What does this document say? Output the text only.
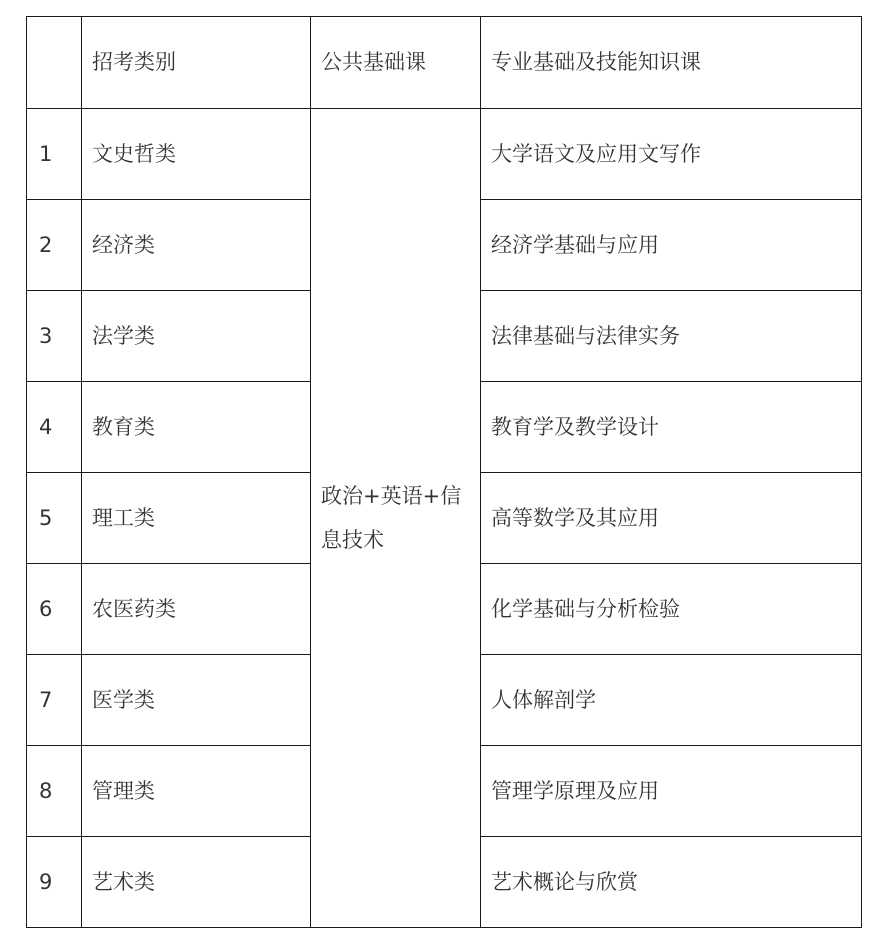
	招考类别	公共基础课	专业基础及技能知识课
1	文史哲类	政治+英语+信息技术	大学语文及应用文写作
2	经济类		经济学基础与应用
3	法学类		法律基础与法律实务
4	教育类		教育学及教学设计
5	理工类		高等数学及其应用
6	农医药类		化学基础与分析检验
7	医学类		人体解剖学
8	管理类		管理学原理及应用
9	艺术类		艺术概论与欣赏
